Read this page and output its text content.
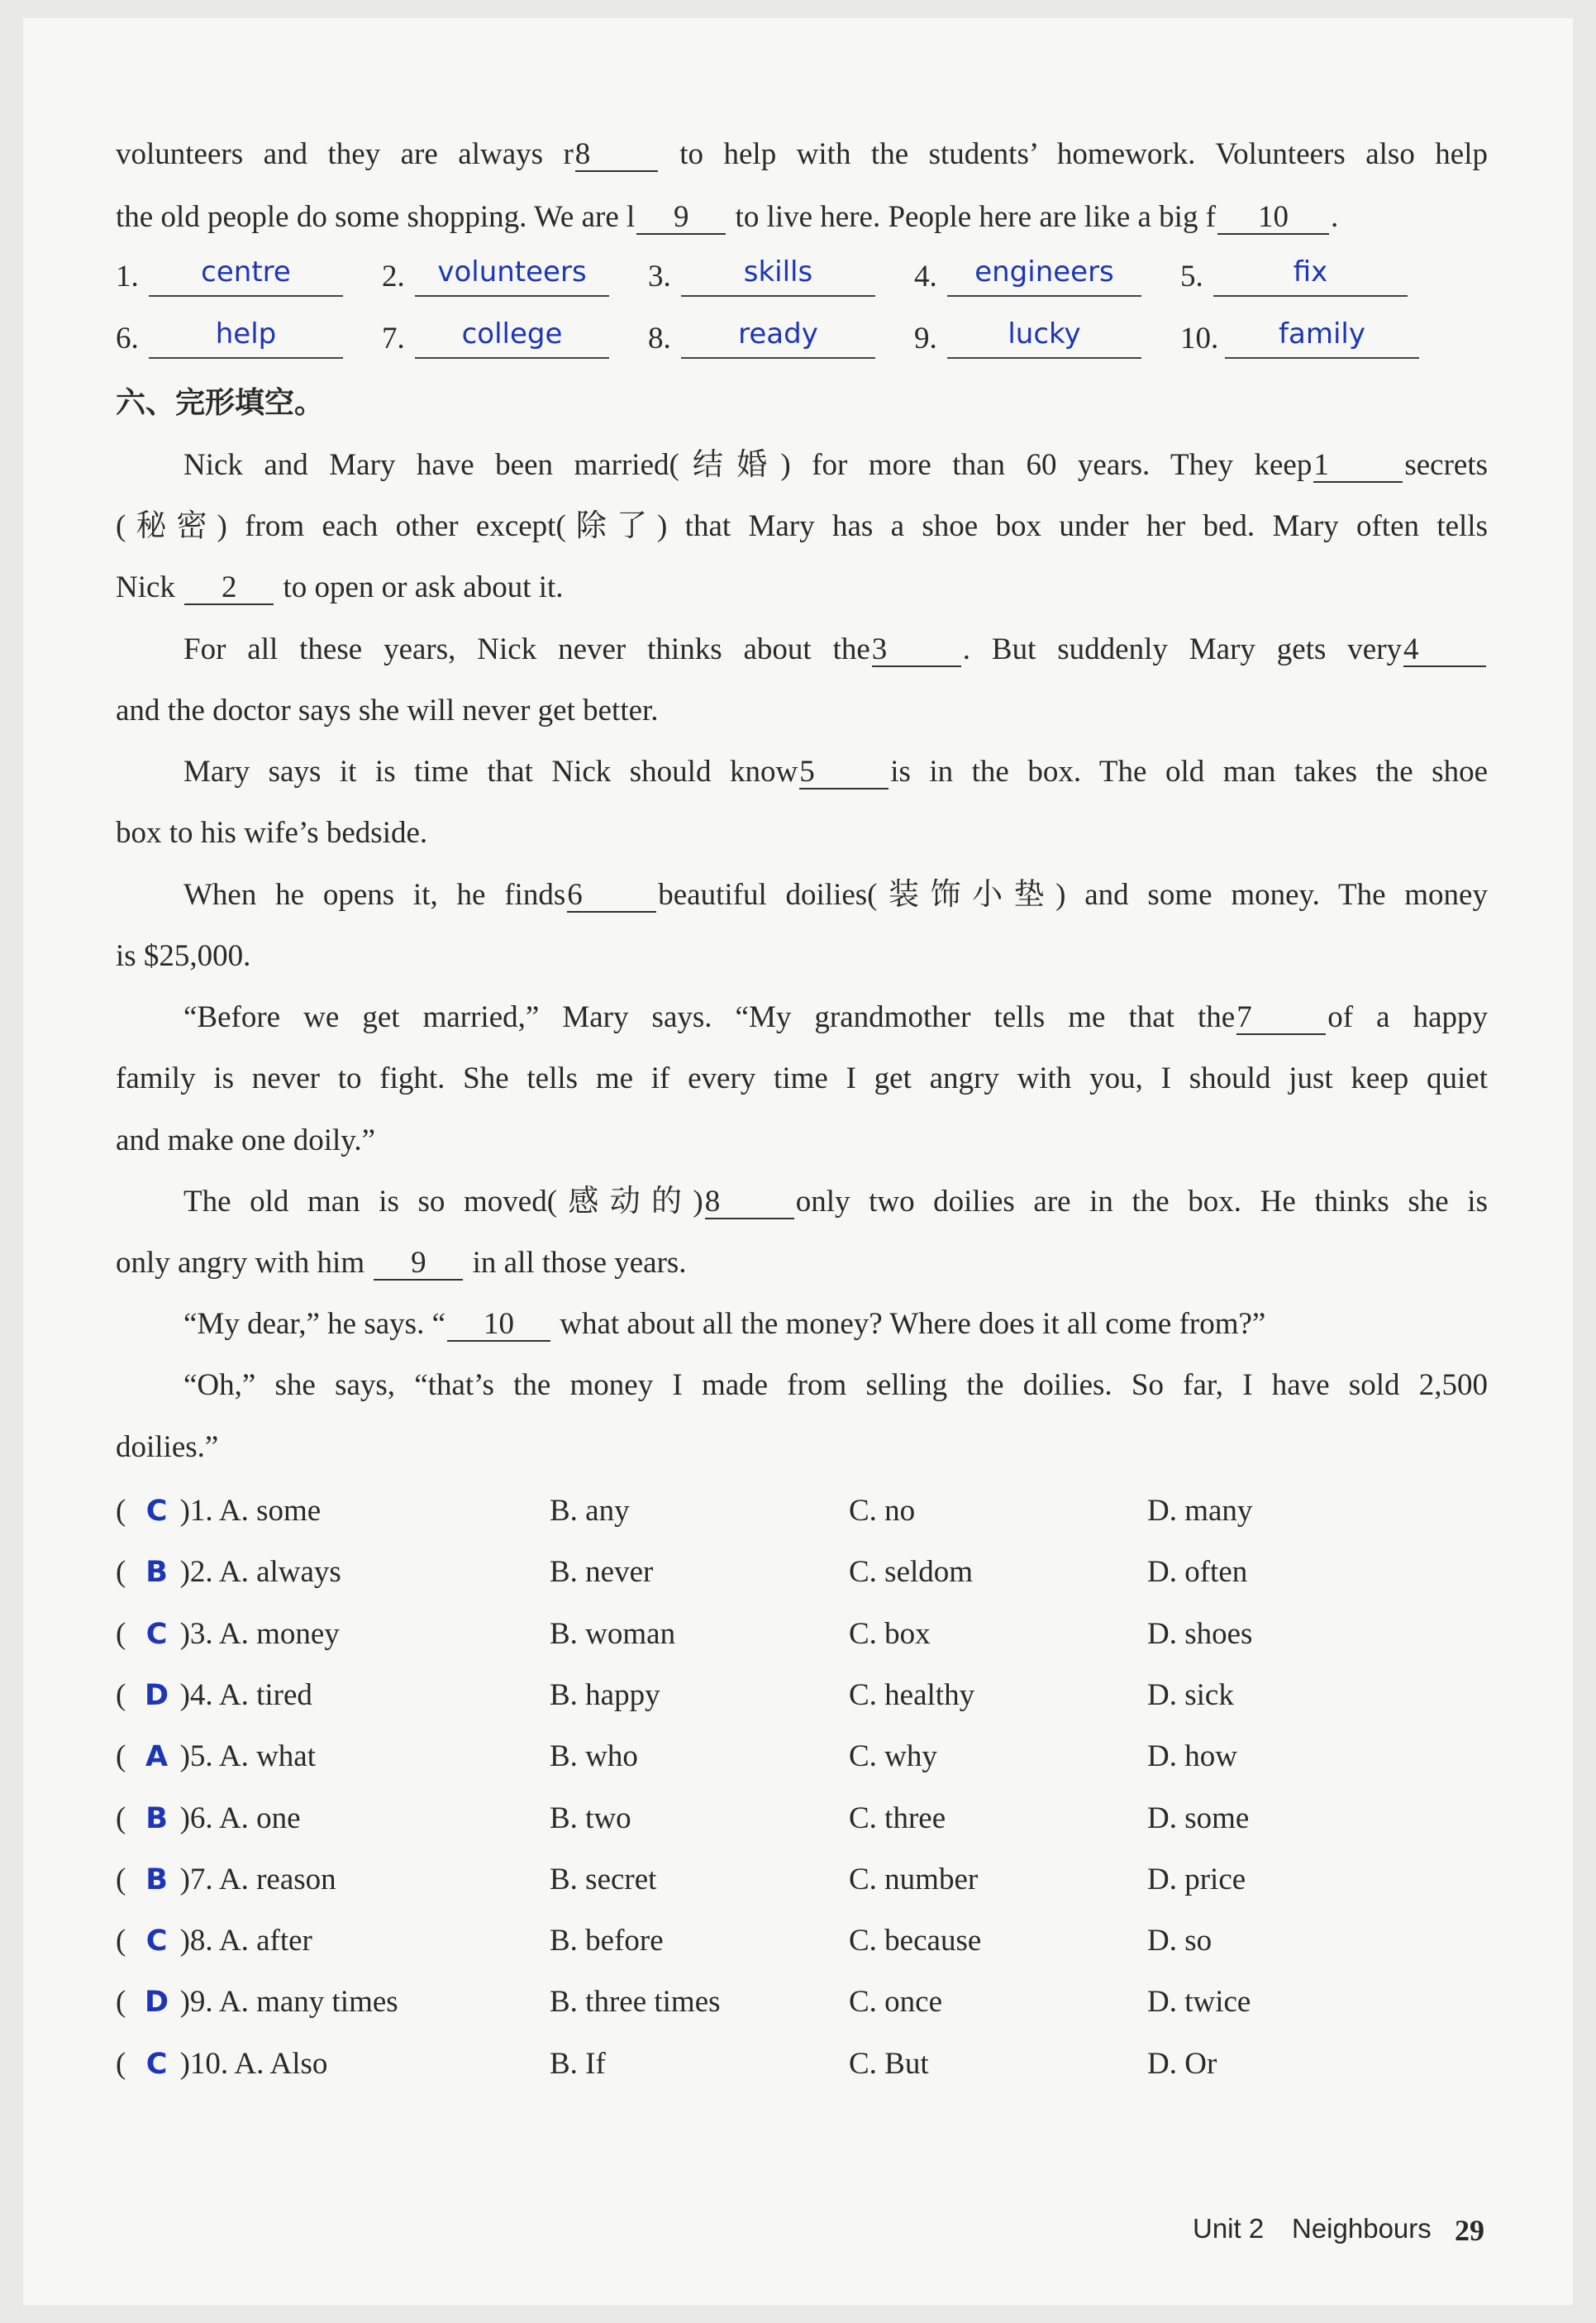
volunteers and they are always r8	to help with the students’ homework. Volunteers also help
the old people do some shopping. We are l 9 to live here. People here are like a big f 10 .
1.	centre	2.	volunteers	3.	skills	4.	engineers	5.	fix
6.	help	7.	college	8.	ready	9.	lucky	10.	family
六、完形填空。
Nick and Mary have been married(结婚) for more than 60 years. They keep1 secrets
(秘密) from each other except(除了) that Mary has a shoe box under her bed. Mary often tells
Nick 2 to open or ask about it.
For all these years, Nick never thinks about the3 . But suddenly Mary gets very4
and the doctor says she will never get better.
Mary says it is time that Nick should know5 is in the box. The old man takes the shoe
box to his wife’s bedside.
When he opens it, he finds6 beautiful doilies(装饰小垫) and some money. The money
is $25,000.
“Before we get married,” Mary says. “My grandmother tells me that the7 of a happy
family is never to fight. She tells me if every time I get angry with you, I should just keep quiet
and make one doily.”
The old man is so moved(感动的)8 only two doilies are in the box. He thinks she is
only angry with him 9 in all those years.
“My dear,” he says. “ 10 what about all the money? Where does it all come from?”
“Oh,” she says, “that’s the money I made from selling the doilies. So far, I have sold 2,500
doilies.”
( C )1. A. some	B. any	C. no	D. many
( B )2. A. always	B. never	C. seldom	D. often
( C )3. A. money	B. woman	C. box	D. shoes
( D )4. A. tired	B. happy	C. healthy	D. sick
( A )5. A. what	B. who	C. why	D. how
( B )6. A. one	B. two	C. three	D. some
( B )7. A. reason	B. secret	C. number	D. price
( C )8. A. after	B. before	C. because	D. so
( D )9. A. many times	B. three times	C. once	D. twice
( C )10. A. Also	B. If	C. But	D. Or
Unit 2 Neighbours 29
